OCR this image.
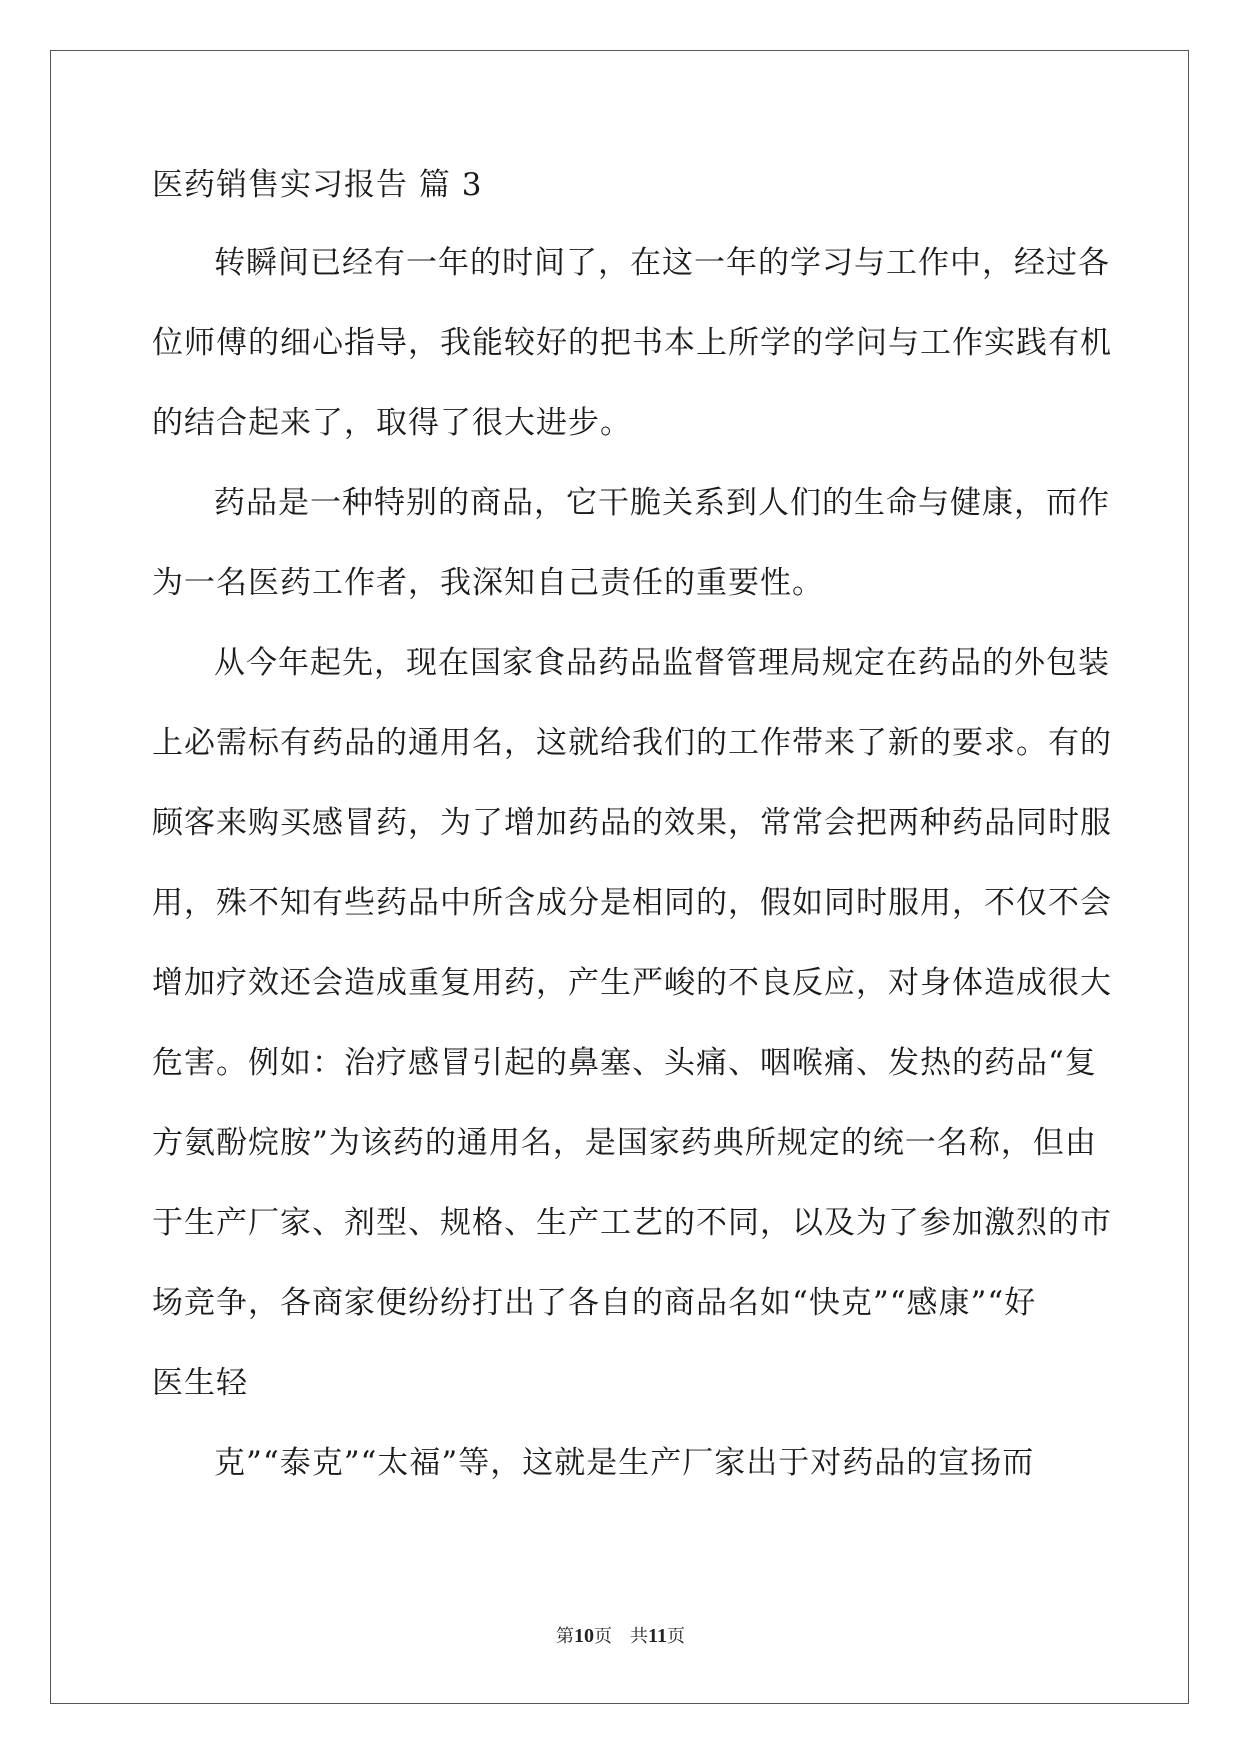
医药销售实习报告 篇 3
转瞬间已经有一年的时间了，在这一年的学习与工作中，经过各
位师傅的细心指导，我能较好的把书本上所学的学问与工作实践有机
的结合起来了，取得了很大进步。
药品是一种特别的商品，它干脆关系到人们的生命与健康，而作
为一名医药工作者，我深知自己责任的重要性。
从今年起先，现在国家食品药品监督管理局规定在药品的外包装
上必需标有药品的通用名，这就给我们的工作带来了新的要求。有的
顾客来购买感冒药，为了增加药品的效果，常常会把两种药品同时服
用，殊不知有些药品中所含成分是相同的，假如同时服用，不仅不会
增加疗效还会造成重复用药，产生严峻的不良反应，对身体造成很大
危害。例如：治疗感冒引起的鼻塞、头痛、咽喉痛、发热的药品“复
方氨酚烷胺”为该药的通用名，是国家药典所规定的统一名称，但由
于生产厂家、剂型、规格、生产工艺的不同，以及为了参加激烈的市
场竞争，各商家便纷纷打出了各自的商品名如“快克”“感康”“好
医生轻
克”“泰克”“太福”等，这就是生产厂家出于对药品的宣扬而
第10页　共11页
